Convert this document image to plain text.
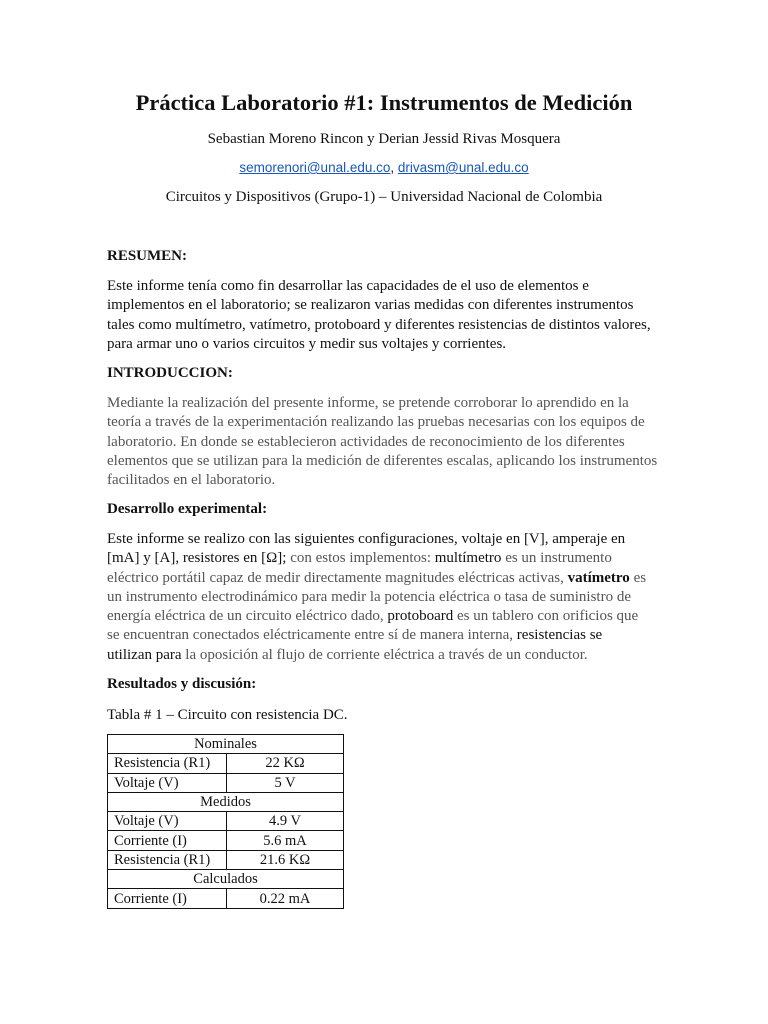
Práctica Laboratorio #1: Instrumentos de Medición
Sebastian Moreno Rincon y Derian Jessid Rivas Mosquera
semorenori@unal.edu.co, drivasm@unal.edu.co
Circuitos y Dispositivos (Grupo-1) – Universidad Nacional de Colombia
RESUMEN:
Este informe tenía como fin desarrollar las capacidades de el uso de elementos e
implementos en el laboratorio; se realizaron varias medidas con diferentes instrumentos
tales como multímetro, vatímetro, protoboard y diferentes resistencias de distintos valores,
para armar uno o varios circuitos y medir sus voltajes y corrientes.
INTRODUCCION:
Mediante la realización del presente informe, se pretende corroborar lo aprendido en la
teoría a través de la experimentación realizando las pruebas necesarias con los equipos de
laboratorio. En donde se establecieron actividades de reconocimiento de los diferentes
elementos que se utilizan para la medición de diferentes escalas, aplicando los instrumentos
facilitados en el laboratorio.
Desarrollo experimental:
Este informe se realizo con las siguientes configuraciones, voltaje en [V], amperaje en
[mA] y [A], resistores en [Ω]; con estos implementos: multímetro es un instrumento
eléctrico portátil capaz de medir directamente magnitudes eléctricas activas, vatímetro es
un instrumento electrodinámico para medir la potencia eléctrica o tasa de suministro de
energía eléctrica de un circuito eléctrico dado, protoboard es un tablero con orificios que
se encuentran conectados eléctricamente entre sí de manera interna, resistencias se
utilizan para la oposición al flujo de corriente eléctrica a través de un conductor.
Resultados y discusión:
Tabla # 1 – Circuito con resistencia DC.
Nominales	
Resistencia (R1)	22 KΩ
Voltaje (V)	5 V
Medidos	
Voltaje (V)	4.9 V
Corriente (I)	5.6 mA
Resistencia (R1)	21.6 KΩ
Calculados	
Corriente (I)	0.22 mA
